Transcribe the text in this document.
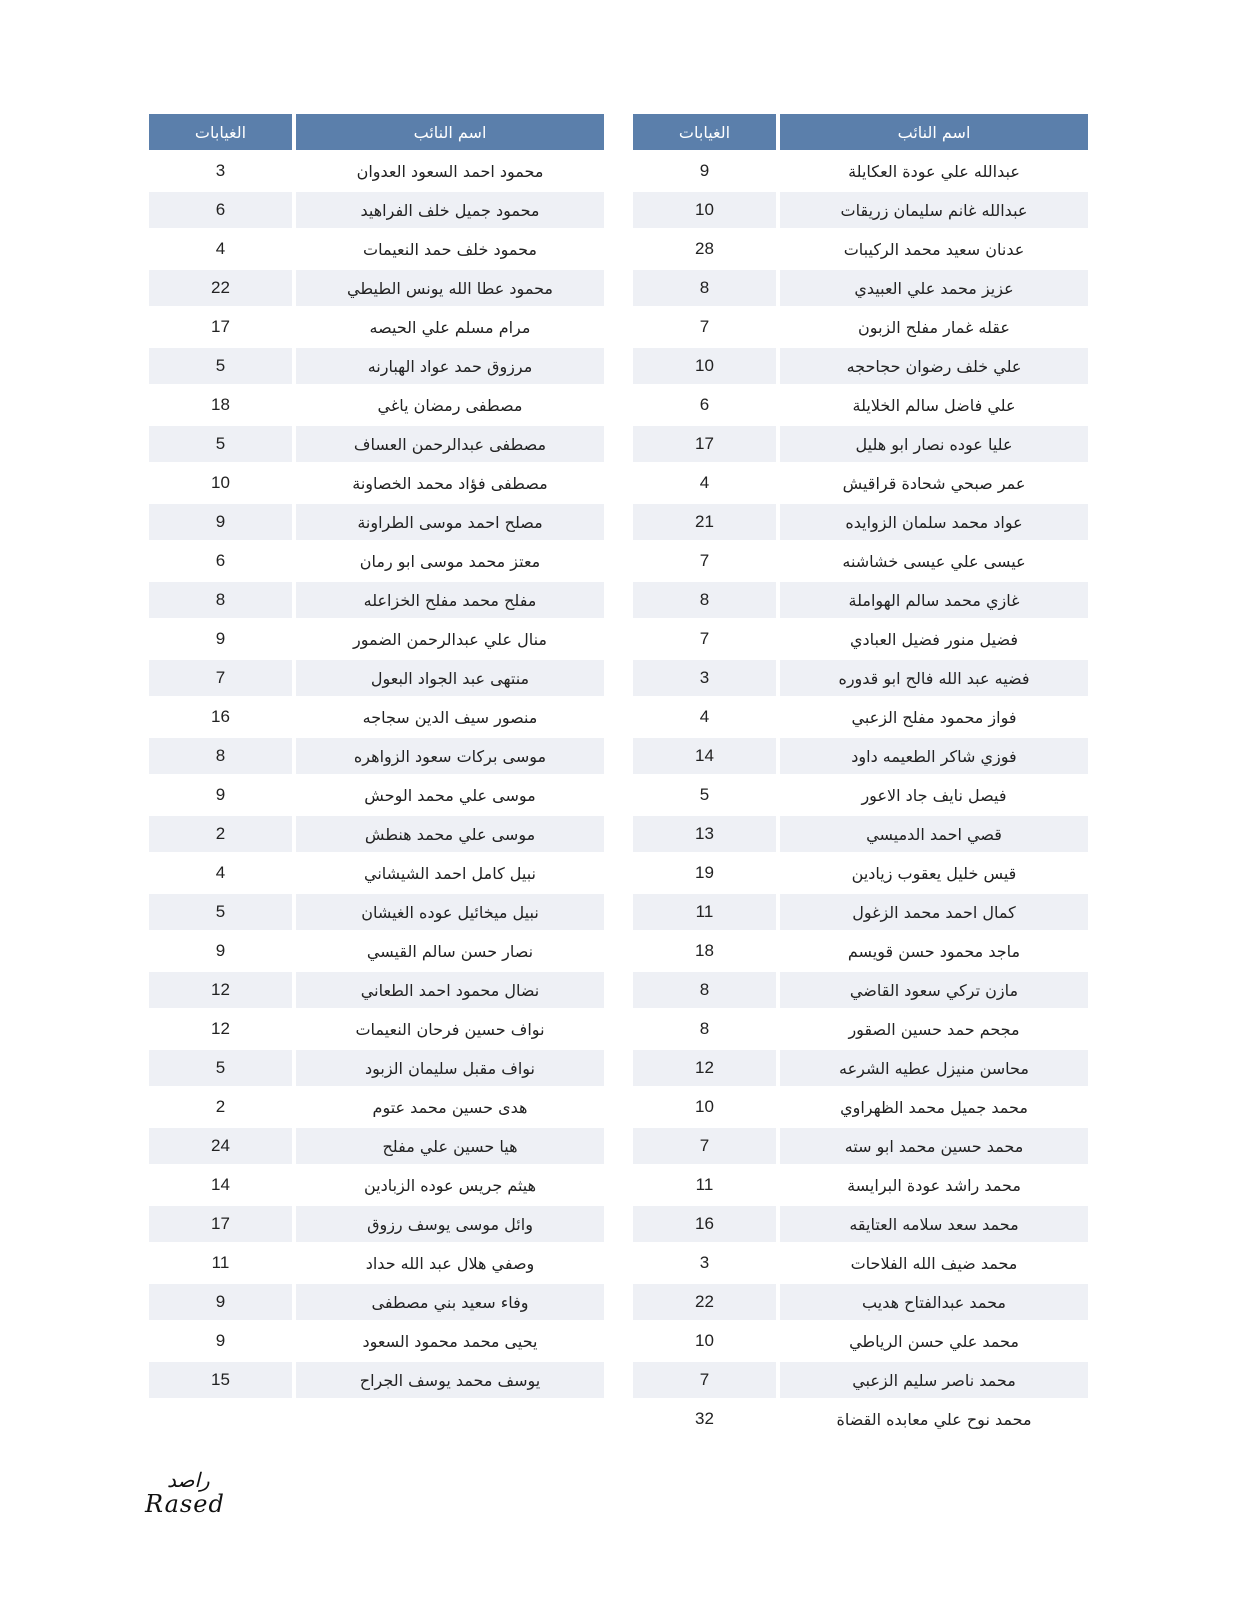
اسم النائب	الغيابات
عبدالله علي عودة العكايلة	9
عبدالله غانم سليمان زريقات	10
عدنان سعيد محمد الركيبات	28
عزيز محمد علي العبيدي	8
عقله غمار مفلح الزبون	7
علي خلف رضوان حجاحجه	10
علي فاضل سالم الخلايلة	6
عليا عوده نصار ابو هليل	17
عمر صبحي شحادة قراقيش	4
عواد محمد سلمان الزوايده	21
عيسى علي عيسى خشاشنه	7
غازي محمد سالم الهواملة	8
فضيل منور فضيل العبادي	7
فضيه عبد الله فالح ابو قدوره	3
فواز محمود مفلح الزعبي	4
فوزي شاكر الطعيمه داود	14
فيصل نايف جاد الاعور	5
قصي احمد الدميسي	13
قيس خليل يعقوب زيادين	19
كمال احمد محمد الزغول	11
ماجد محمود حسن قويسم	18
مازن تركي سعود القاضي	8
مجحم حمد حسين الصقور	8
محاسن منيزل عطيه الشرعه	12
محمد جميل محمد الظهراوي	10
محمد حسين محمد ابو سته	7
محمد راشد عودة البرايسة	11
محمد سعد سلامه العتايقه	16
محمد ضيف الله الفلاحات	3
محمد عبدالفتاح هديب	22
محمد علي حسن الرياطي	10
محمد ناصر سليم الزعبي	7
محمد نوح علي معابده القضاة	32
اسم النائب	الغيابات
محمود احمد السعود العدوان	3
محمود جميل خلف الفراهيد	6
محمود خلف حمد النعيمات	4
محمود عطا الله يونس الطيطي	22
مرام مسلم علي الحيصه	17
مرزوق حمد عواد الهبارنه	5
مصطفى رمضان ياغي	18
مصطفى عبدالرحمن العساف	5
مصطفى فؤاد محمد الخصاونة	10
مصلح احمد موسى الطراونة	9
معتز محمد موسى ابو رمان	6
مفلح محمد مفلح الخزاعله	8
منال علي عبدالرحمن الضمور	9
منتهى عبد الجواد البعول	7
منصور سيف الدين سجاجه	16
موسى بركات سعود الزواهره	8
موسى علي محمد الوحش	9
موسى علي محمد هنطش	2
نبيل كامل احمد الشيشاني	4
نبيل ميخائيل عوده الغيشان	5
نصار حسن سالم القيسي	9
نضال محمود احمد الطعاني	12
نواف حسين فرحان النعيمات	12
نواف مقبل سليمان الزبود	5
هدى حسين محمد عتوم	2
هيا حسين علي مفلح	24
هيثم جريس عوده الزبادين	14
وائل موسى يوسف رزوق	17
وصفي هلال عبد الله حداد	11
وفاء سعيد بني مصطفى	9
يحيى محمد محمود السعود	9
يوسف محمد يوسف الجراح	15

راصد
Rased
